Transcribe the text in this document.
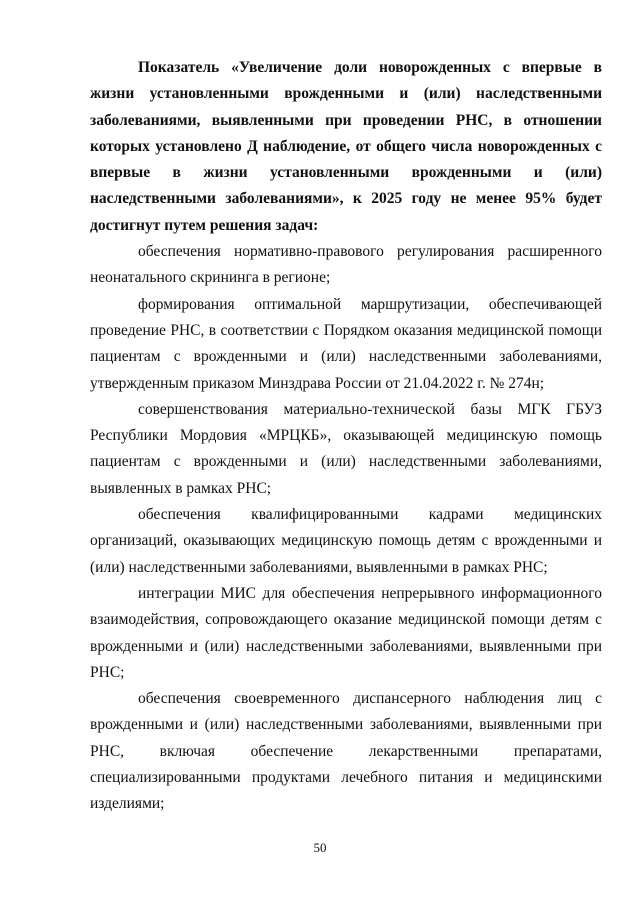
Показатель «Увеличение доли новорожденных с впервые в жизни установленными врожденными и (или) наследственными заболеваниями, выявленными при проведении РНС, в отношении которых установлено Д наблюдение, от общего числа новорожденных с впервые в жизни установленными врожденными и (или) наследственными заболеваниями», к 2025 году не менее 95% будет достигнут путем решения задач:

обеспечения нормативно-правового регулирования расширенного неонатального скрининга в регионе;

формирования оптимальной маршрутизации, обеспечивающей проведение РНС, в соответствии с Порядком оказания медицинской помощи пациентам с врожденными и (или) наследственными заболеваниями, утвержденным приказом Минздрава России от 21.04.2022 г. № 274н;

совершенствования материально-технической базы МГК ГБУЗ Республики Мордовия «МРЦКБ», оказывающей медицинскую помощь пациентам с врожденными и (или) наследственными заболеваниями, выявленных в рамках РНС;

обеспечения квалифицированными кадрами медицинских организаций, оказывающих медицинскую помощь детям с врожденными и (или) наследственными заболеваниями, выявленными в рамках РНС;

интеграции МИС для обеспечения непрерывного информационного взаимодействия, сопровождающего оказание медицинской помощи детям с врожденными и (или) наследственными заболеваниями, выявленными при РНС;

обеспечения своевременного диспансерного наблюдения лиц с врожденными и (или) наследственными заболеваниями, выявленными при РНС, включая обеспечение лекарственными препаратами, специализированными продуктами лечебного питания и медицинскими изделиями;

50
